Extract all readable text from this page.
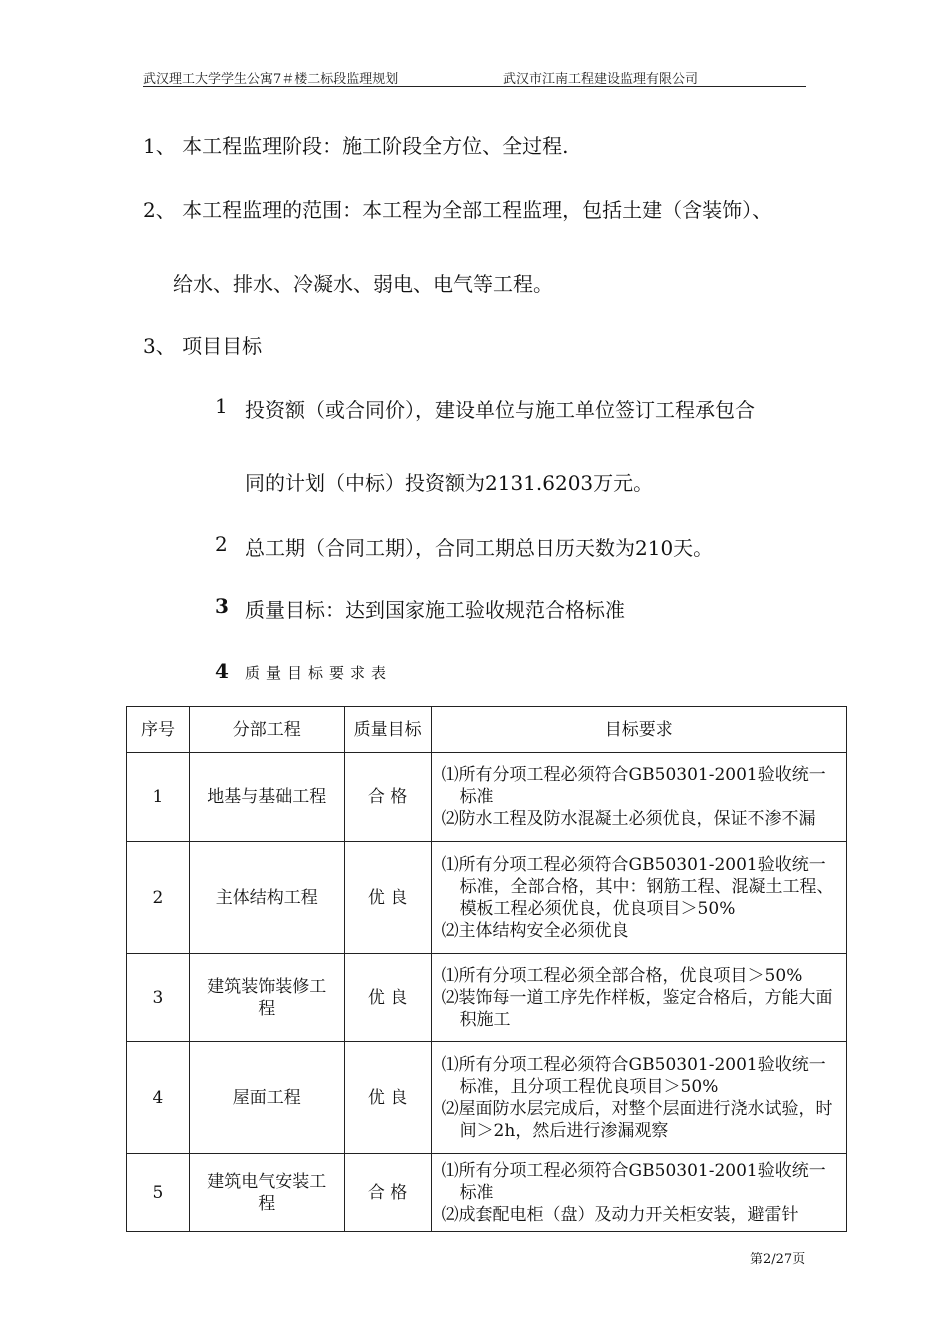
武汉理工大学学生公寓7＃楼二标段监理规划	武汉市江南工程建设监理有限公司
1、 本工程监理阶段：施工阶段全方位、全过程.
2、 本工程监理的范围：本工程为全部工程监理，包括土建（含装饰）、
给水、排水、冷凝水、弱电、电气等工程。
3、 项目目标
1 投资额（或合同价），建设单位与施工单位签订工程承包合
同的计划（中标）投资额为2131.6203万元。
2 总工期（合同工期），合同工期总日历天数为210天。
3 质量目标：达到国家施工验收规范合格标准
4 质量目标要求表
序号	分部工程	质量目标	目标要求
1	地基与基础工程	合 格	⑴所有分项工程必须符合GB50301-2001验收统一标准
⑵防水工程及防水混凝土必须优良，保证不渗不漏

2	主体结构工程	优 良	⑴所有分项工程必须符合GB50301-2001验收统一标准，全部合格，其中：钢筋工程、混凝土工程、模板工程必须优良，优良项目＞50%
⑵主体结构安全必须优良

3	建筑装饰装修工程	优 良	⑴所有分项工程必须全部合格，优良项目＞50%
⑵装饰每一道工序先作样板，鉴定合格后，方能大面积施工

4	屋面工程	优 良	⑴所有分项工程必须符合GB50301-2001验收统一标准，且分项工程优良项目＞50%
⑵屋面防水层完成后，对整个层面进行浇水试验，时间＞2h，然后进行渗漏观察

5	建筑电气安装工程	合 格	⑴所有分项工程必须符合GB50301-2001验收统一标准
⑵成套配电柜（盘）及动力开关柜安装，避雷针
第2/27页
